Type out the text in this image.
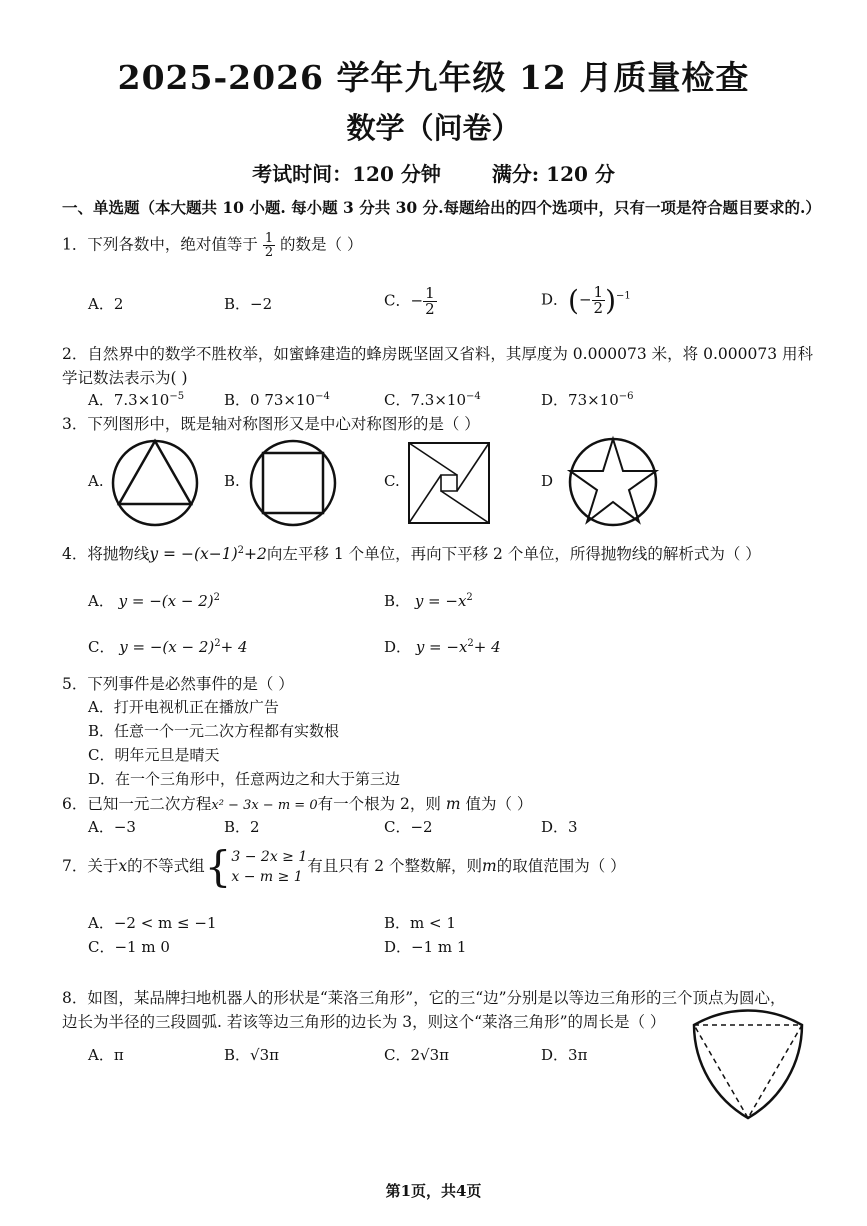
2025-2026 学年九年级 12 月质量检查
数学（问卷）
考试时间：120 分钟	满分: 120 分
一、单选题（本大题共 10 小题. 每小题 3 分共 30 分.每题给出的四个选项中，只有一项是符合题目要求的.）
1．下列各数中，绝对值等于 $\frac{1}{2}$ 的数是（ ）
A．2	B．−2	C．− $\frac{1}{2}$	D．(− $\frac{1}{2} )^{-1}$
2．自然界中的数学不胜枚举，如蜜蜂建造的蜂房既坚固又省料，其厚度为 0.000073 米，将 0.000073 用科
学记数法表示为( )
A．$7.3\times 10^{-5}$	B．0 $73\times 10^{-4}$	C．$7.3\times 10^{-4}$	D．$73\times 10^{-6}$
3．下列图形中，既是轴对称图形又是中心对称图形的是（ ）
A.	B.	C.	D
4．将抛物线$y = -(x-1)^2+2$向左平移 1 个单位，再向下平移 2 个单位，所得抛物线的解析式为（ ）
A． $y = -(x - 2)^2$	B． $y = -x^2$
C． $y = -(x - 2)^2+ 4$	D． $y = -x^2+ 4$
5．下列事件是必然事件的是（ ）
A．打开电视机正在播放广告
B．任意一个一元二次方程都有实数根
C．明年元旦是晴天
D．在一个三角形中，任意两边之和大于第三边
6．已知一元二次方程x² − 3x − m = 0有一个根为 2，则 m 值为（ ）
A．−3	B．2	C．−2	D．3
7．关于x的不等式组{ 3 − 2x ≥ 1
x − m ≥ 1
有且只有 2 个整数解，则m的取值范围为（ ）
A．−2 < m ≤ −1	B．m < 1
C．−1 m 0	D．−1 m 1
8．如图，某品牌扫地机器人的形状是“莱洛三角形”，它的三“边”分别是以等边三角形的三个顶点为圆心，
边长为半径的三段圆弧. 若该等边三角形的边长为 3，则这个“莱洛三角形”的周长是（ ）
A．π	B．√3π	C．2√3π	D．3π
第1页，共4页
